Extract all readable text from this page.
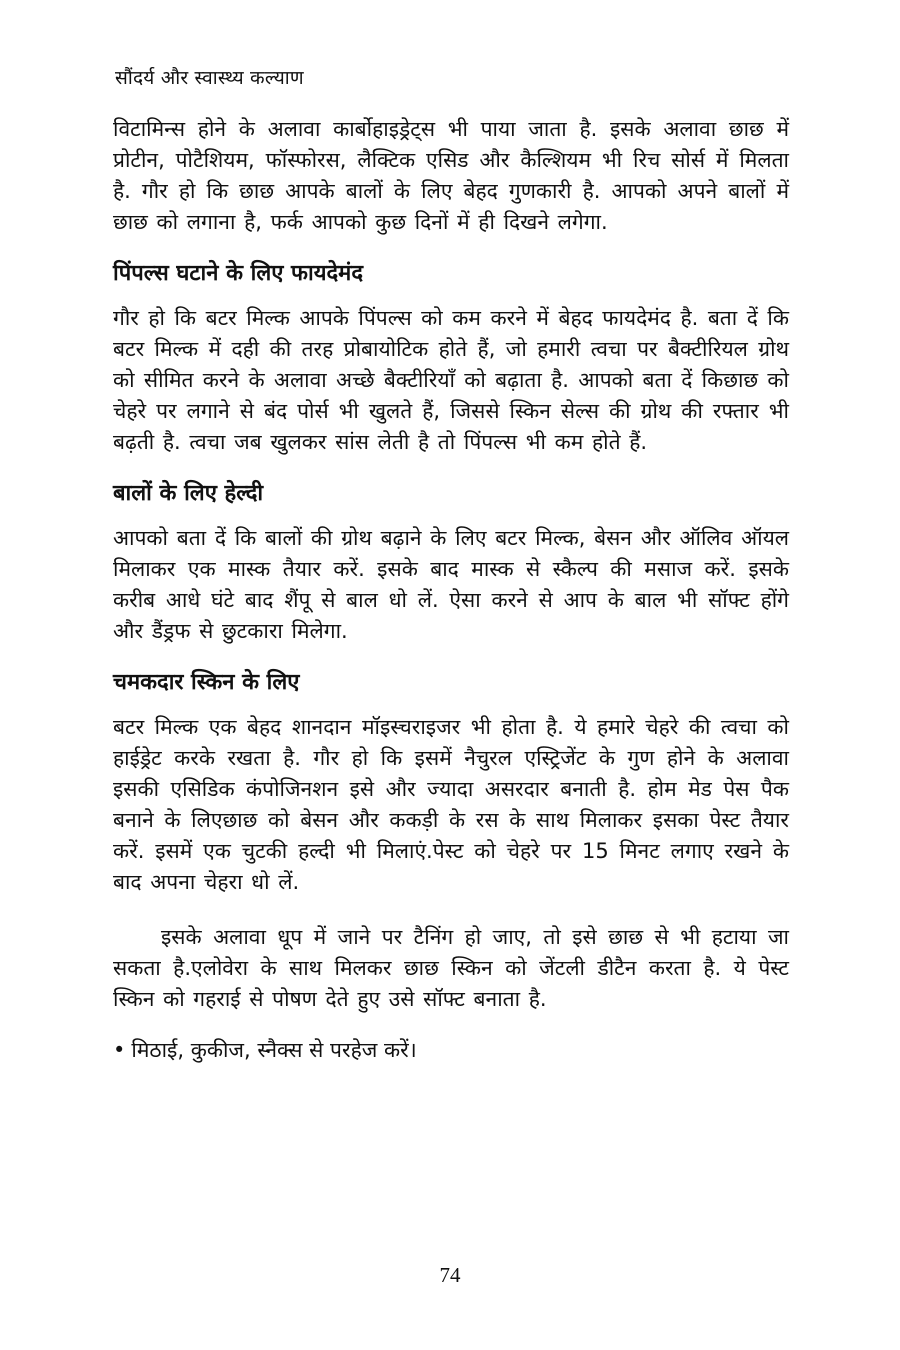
सौंदर्य और स्वास्थ्य कल्याण

विटामिन्स होने के अलावा कार्बोहाइड्रेट्स भी पाया जाता है. इसके अलावा छाछ में प्रोटीन, पोटैशियम, फॉस्फोरस, लैक्टिक एसिड और कैल्शियम भी रिच सोर्स में मिलता है. गौर हो कि छाछ आपके बालों के लिए बेहद गुणकारी है. आपको अपने बालों में छाछ को लगाना है, फर्क आपको कुछ दिनों में ही दिखने लगेगा.

पिंपल्स घटाने के लिए फायदेमंद

गौर हो कि बटर मिल्क आपके पिंपल्स को कम करने में बेहद फायदेमंद है. बता दें कि बटर मिल्क में दही की तरह प्रोबायोटिक होते हैं, जो हमारी त्वचा पर बैक्टीरियल ग्रोथ को सीमित करने के अलावा अच्छे बैक्टीरियाँ को बढ़ाता है. आपको बता दें किछाछ को चेहरे पर लगाने से बंद पोर्स भी खुलते हैं, जिससे स्किन सेल्स की ग्रोथ की रफ्तार भी बढ़ती है. त्वचा जब खुलकर सांस लेती है तो पिंपल्स भी कम होते हैं.

बालों के लिए हेल्दी

आपको बता दें कि बालों की ग्रोथ बढ़ाने के लिए बटर मिल्क, बेसन और ऑलिव ऑयल मिलाकर एक मास्क तैयार करें. इसके बाद मास्क से स्कैल्प की मसाज करें. इसके करीब आधे घंटे बाद शैंपू से बाल धो लें. ऐसा करने से आप के बाल भी सॉफ्ट होंगे और डैंड्रफ से छुटकारा मिलेगा.

चमकदार स्किन के लिए

बटर मिल्क एक बेहद शानदान मॉइस्चराइजर भी होता है. ये हमारे चेहरे की त्वचा को हाईड्रेट करके रखता है. गौर हो कि इसमें नैचुरल एस्ट्रिजेंट के गुण होने के अलावा इसकी एसिडिक कंपोजिनशन इसे और ज्यादा असरदार बनाती है. होम मेड पेस पैक बनाने के लिएछाछ को बेसन और ककड़ी के रस के साथ मिलाकर इसका पेस्ट तैयार करें. इसमें एक चुटकी हल्दी भी मिलाएं.पेस्ट को चेहरे पर 15 मिनट लगाए रखने के बाद अपना चेहरा धो लें.

इसके अलावा धूप में जाने पर टैनिंग हो जाए, तो इसे छाछ से भी हटाया जा सकता है.एलोवेरा के साथ मिलकर छाछ स्किन को जेंटली डीटैन करता है. ये पेस्ट स्किन को गहराई से पोषण देते हुए उसे सॉफ्ट बनाता है.

• मिठाई, कुकीज, स्नैक्स से परहेज करें।

74
